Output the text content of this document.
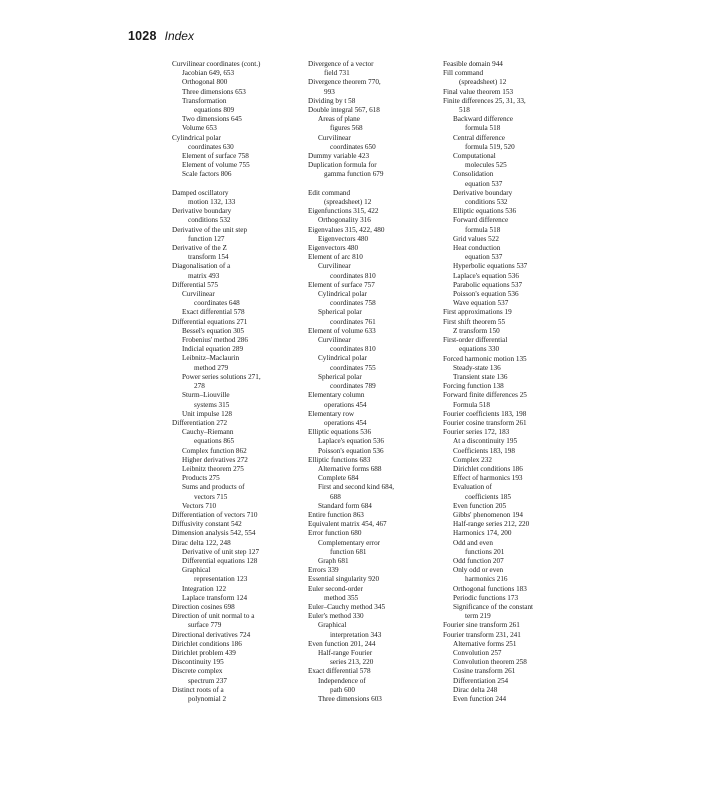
1028 Index
Curvilinear coordinates (cont.)
Jacobian 649, 653
Orthogonal 800
Three dimensions 653
Transformation
equations 809
Two dimensions 645
Volume 653
Cylindrical polar
coordinates 630
Element of surface 758
Element of volume 755
Scale factors 806
Damped oscillatory
motion 132, 133
Derivative boundary
conditions 532
Derivative of the unit step
function 127
Derivative of the Z
transform 154
Diagonalisation of a
matrix 493
Differential 575
Curvilinear
coordinates 648
Exact differential 578
Differential equations 271
Bessel's equation 305
Frobenius' method 286
Indicial equation 289
Leibnitz–Maclaurin
method 279
Power series solutions 271,
278
Sturm–Liouville
systems 315
Unit impulse 128
Differentiation 272
Cauchy–Riemann
equations 865
Complex function 862
Higher derivatives 272
Leibnitz theorem 275
Products 275
Sums and products of
vectors 715
Vectors 710
Differentiation of vectors 710
Diffusivity constant 542
Dimension analysis 542, 554
Dirac delta 122, 248
Derivative of unit step 127
Differential equations 128
Graphical
representation 123
Integration 122
Laplace transform 124
Direction cosines 698
Direction of unit normal to a
surface 779
Directional derivatives 724
Dirichlet conditions 186
Dirichlet problem 439
Discontinuity 195
Discrete complex
spectrum 237
Distinct roots of a
polynomial 2
Divergence of a vector
field 731
Divergence theorem 770,
993
Dividing by t 58
Double integral 567, 618
Areas of plane
figures 568
Curvilinear
coordinates 650
Dummy variable 423
Duplication formula for
gamma function 679
Edit command
(spreadsheet) 12
Eigenfunctions 315, 422
Orthogonality 316
Eigenvalues 315, 422, 480
Eigenvectors 480
Eigenvectors 480
Element of arc 810
Curvilinear
coordinates 810
Element of surface 757
Cylindrical polar
coordinates 758
Spherical polar
coordinates 761
Element of volume 633
Curvilinear
coordinates 810
Cylindrical polar
coordinates 755
Spherical polar
coordinates 789
Elementary column
operations 454
Elementary row
operations 454
Elliptic equations 536
Laplace's equation 536
Poisson's equation 536
Elliptic functions 683
Alternative forms 688
Complete 684
First and second kind 684,
688
Standard form 684
Entire function 863
Equivalent matrix 454, 467
Error function 680
Complementary error
function 681
Graph 681
Errors 339
Essential singularity 920
Euler second-order
method 355
Euler–Cauchy method 345
Euler's method 330
Graphical
interpretation 343
Even function 201, 244
Half-range Fourier
series 213, 220
Exact differential 578
Independence of
path 600
Three dimensions 603
Feasible domain 944
Fill command
(spreadsheet) 12
Final value theorem 153
Finite differences 25, 31, 33,
518
Backward difference
formula 518
Central difference
formula 519, 520
Computational
molecules 525
Consolidation
equation 537
Derivative boundary
conditions 532
Elliptic equations 536
Forward difference
formula 518
Grid values 522
Heat conduction
equation 537
Hyperbolic equations 537
Laplace's equation 536
Parabolic equations 537
Poisson's equation 536
Wave equation 537
First approximations 19
First shift theorem 55
Z transform 150
First-order differential
equations 330
Forced harmonic motion 135
Steady-state 136
Transient state 136
Forcing function 138
Forward finite differences 25
Formula 518
Fourier coefficients 183, 198
Fourier cosine transform 261
Fourier series 172, 183
At a discontinuity 195
Coefficients 183, 198
Complex 232
Dirichlet conditions 186
Effect of harmonics 193
Evaluation of
coefficients 185
Even function 205
Gibbs' phenomenon 194
Half-range series 212, 220
Harmonics 174, 200
Odd and even
functions 201
Odd function 207
Only odd or even
harmonics 216
Orthogonal functions 183
Periodic functions 173
Significance of the constant
term 219
Fourier sine transform 261
Fourier transform 231, 241
Alternative forms 251
Convolution 257
Convolution theorem 258
Cosine transform 261
Differentiation 254
Dirac delta 248
Even function 244
